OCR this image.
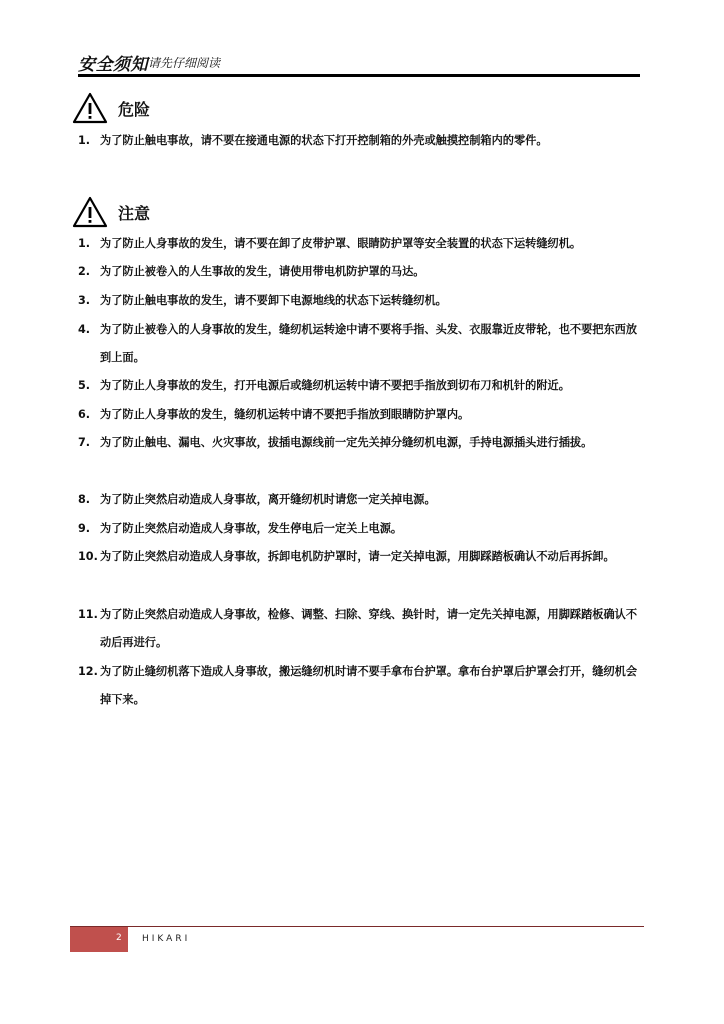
安全须知 请先仔细阅读
危险
1. 为了防止触电事故，请不要在接通电源的状态下打开控制箱的外壳或触摸控制箱内的零件。
注意
1. 为了防止人身事故的发生，请不要在卸了皮带护罩、眼睛防护罩等安全装置的状态下运转缝纫机。
2. 为了防止被卷入的人生事故的发生，请使用带电机防护罩的马达。
3. 为了防止触电事故的发生，请不要卸下电源地线的状态下运转缝纫机。
4. 为了防止被卷入的人身事故的发生，缝纫机运转途中请不要将手指、头发、衣服靠近皮带轮，也不要把东西放到上面。
5. 为了防止人身事故的发生，打开电源后或缝纫机运转中请不要把手指放到切布刀和机针的附近。
6. 为了防止人身事故的发生，缝纫机运转中请不要把手指放到眼睛防护罩内。
7. 为了防止触电、漏电、火灾事故，拔插电源线前一定先关掉分缝纫机电源，手持电源插头进行插拔。
8. 为了防止突然启动造成人身事故，离开缝纫机时请您一定关掉电源。
9. 为了防止突然启动造成人身事故，发生停电后一定关上电源。
10. 为了防止突然启动造成人身事故，拆卸电机防护罩时，请一定关掉电源，用脚踩踏板确认不动后再拆卸。
11. 为了防止突然启动造成人身事故，检修、调整、扫除、穿线、换针时，请一定先关掉电源，用脚踩踏板确认不动后再进行。
12. 为了防止缝纫机落下造成人身事故，搬运缝纫机时请不要手拿布台护罩。拿布台护罩后护罩会打开，缝纫机会掉下来。
2 HIKARI
